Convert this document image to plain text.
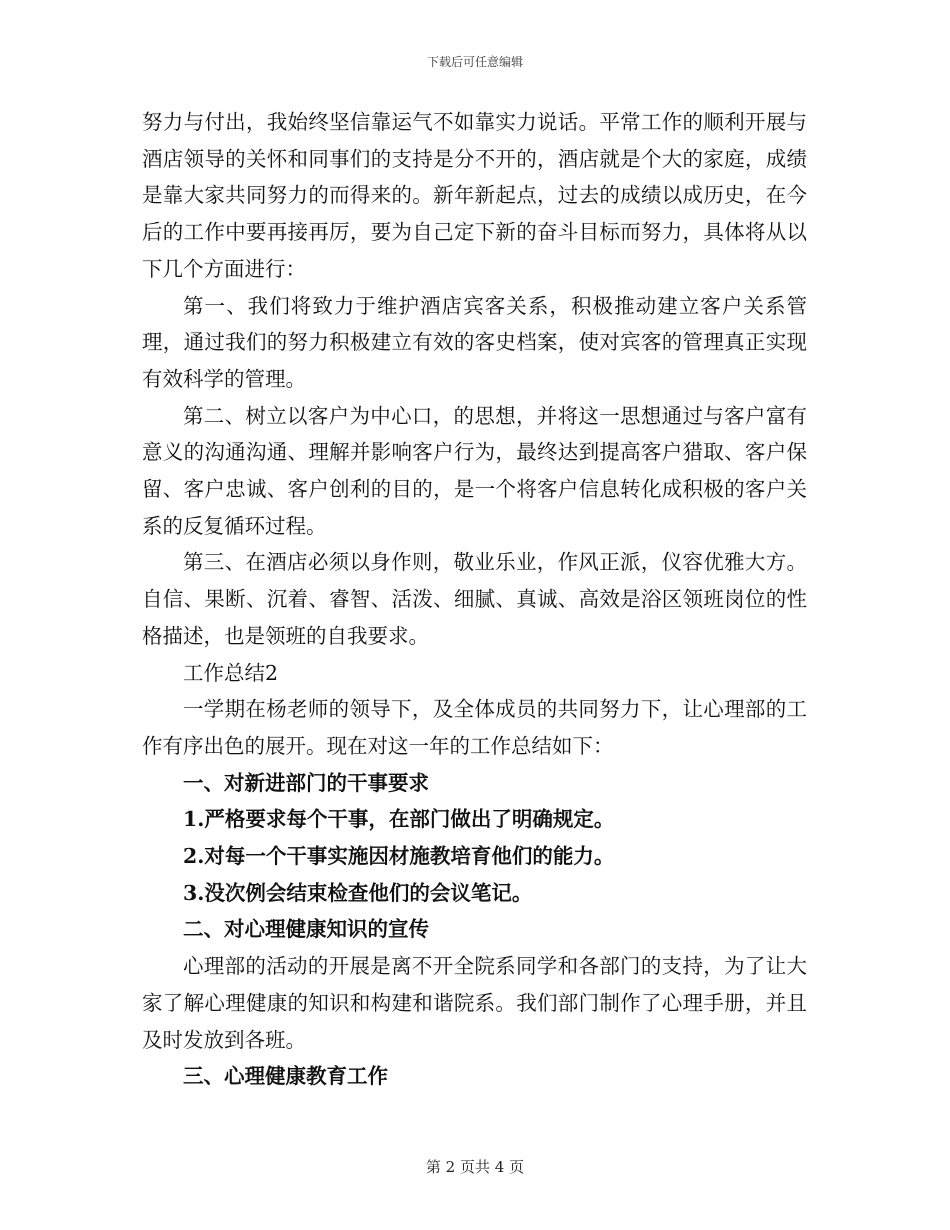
下载后可任意编辑

努力与付出，我始终坚信靠运气不如靠实力说话。平常工作的顺利开展与酒店领导的关怀和同事们的支持是分不开的，酒店就是个大的家庭，成绩是靠大家共同努力的而得来的。新年新起点，过去的成绩以成历史，在今后的工作中要再接再厉，要为自己定下新的奋斗目标而努力，具体将从以下几个方面进行：

第一、我们将致力于维护酒店宾客关系，积极推动建立客户关系管理，通过我们的努力积极建立有效的客史档案，使对宾客的管理真正实现有效科学的管理。

第二、树立以客户为中心口，的思想，并将这一思想通过与客户富有意义的沟通沟通、理解并影响客户行为，最终达到提高客户猎取、客户保留、客户忠诚、客户创利的目的，是一个将客户信息转化成积极的客户关系的反复循环过程。

第三、在酒店必须以身作则，敬业乐业，作风正派，仪容优雅大方。自信、果断、沉着、睿智、活泼、细腻、真诚、高效是浴区领班岗位的性格描述，也是领班的自我要求。

工作总结2

一学期在杨老师的领导下，及全体成员的共同努力下，让心理部的工作有序出色的展开。现在对这一年的工作总结如下：

一、对新进部门的干事要求

1.严格要求每个干事，在部门做出了明确规定。

2.对每一个干事实施因材施教培育他们的能力。

3.没次例会结束检查他们的会议笔记。

二、对心理健康知识的宣传

心理部的活动的开展是离不开全院系同学和各部门的支持，为了让大家了解心理健康的知识和构建和谐院系。我们部门制作了心理手册，并且及时发放到各班。

三、心理健康教育工作

第 2 页共 4 页
